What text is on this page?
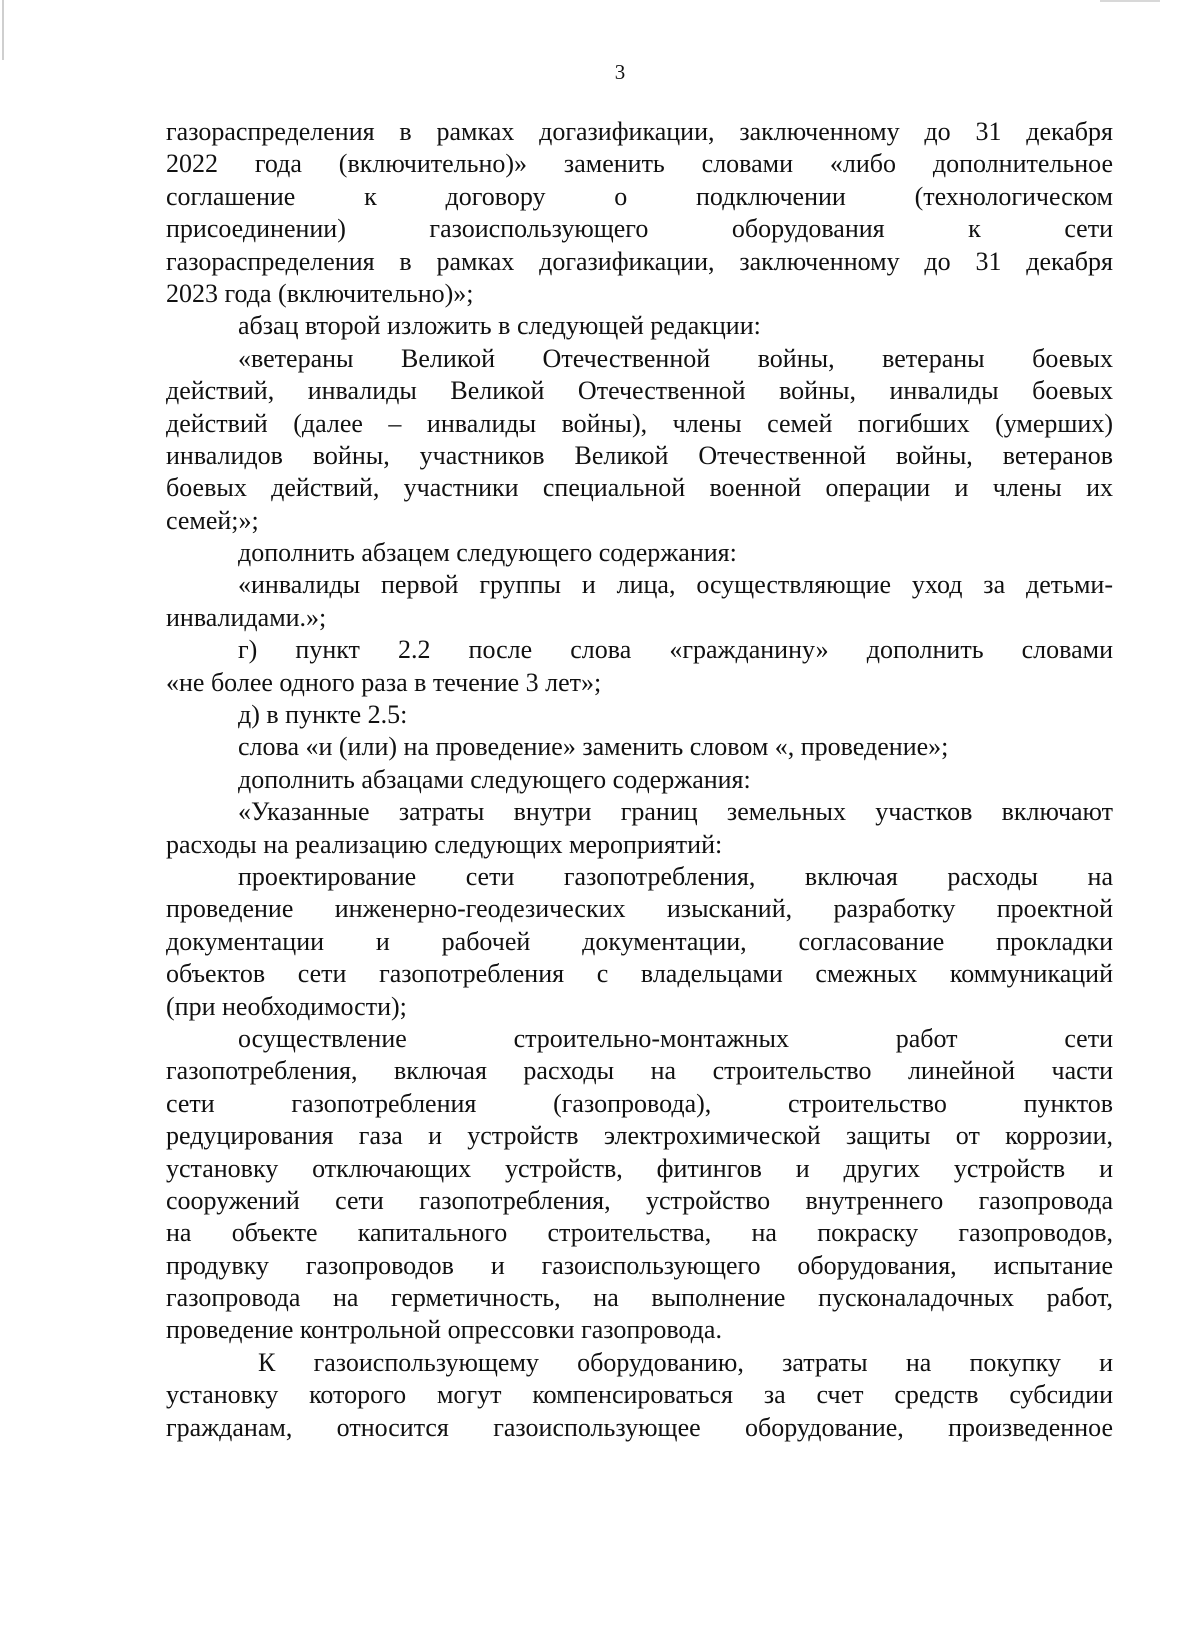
3
газораспределения в рамках догазификации, заключенному до 31 декабря
2022 года (включительно)» заменить словами «либо дополнительное
соглашение к договору о подключении (технологическом
присоединении) газоиспользующего оборудования к сети
газораспределения в рамках догазификации, заключенному до 31 декабря
2023 года (включительно)»;
абзац второй изложить в следующей редакции:
«ветераны Великой Отечественной войны, ветераны боевых
действий, инвалиды Великой Отечественной войны, инвалиды боевых
действий (далее – инвалиды войны), члены семей погибших (умерших)
инвалидов войны, участников Великой Отечественной войны, ветеранов
боевых действий, участники специальной военной операции и члены их
семей;»;
дополнить абзацем следующего содержания:
«инвалиды первой группы и лица, осуществляющие уход за детьми-
инвалидами.»;
г) пункт 2.2 после слова «гражданину» дополнить словами
«не более одного раза в течение 3 лет»;
д) в пункте 2.5:
слова «и (или) на проведение» заменить словом «, проведение»;
дополнить абзацами следующего содержания:
«Указанные затраты внутри границ земельных участков включают
расходы на реализацию следующих мероприятий:
проектирование сети газопотребления, включая расходы на
проведение инженерно-геодезических изысканий, разработку проектной
документации и рабочей документации, согласование прокладки
объектов сети газопотребления с владельцами смежных коммуникаций
(при необходимости);
осуществление строительно-монтажных работ сети
газопотребления, включая расходы на строительство линейной части
сети газопотребления (газопровода), строительство пунктов
редуцирования газа и устройств электрохимической защиты от коррозии,
установку отключающих устройств, фитингов и других устройств и
сооружений сети газопотребления, устройство внутреннего газопровода
на объекте капитального строительства, на покраску газопроводов,
продувку газопроводов и газоиспользующего оборудования, испытание
газопровода на герметичность, на выполнение пусконаладочных работ,
проведение контрольной опрессовки газопровода.
К газоиспользующему оборудованию, затраты на покупку и
установку которого могут компенсироваться за счет средств субсидии
гражданам, относится газоиспользующее оборудование, произведенное
